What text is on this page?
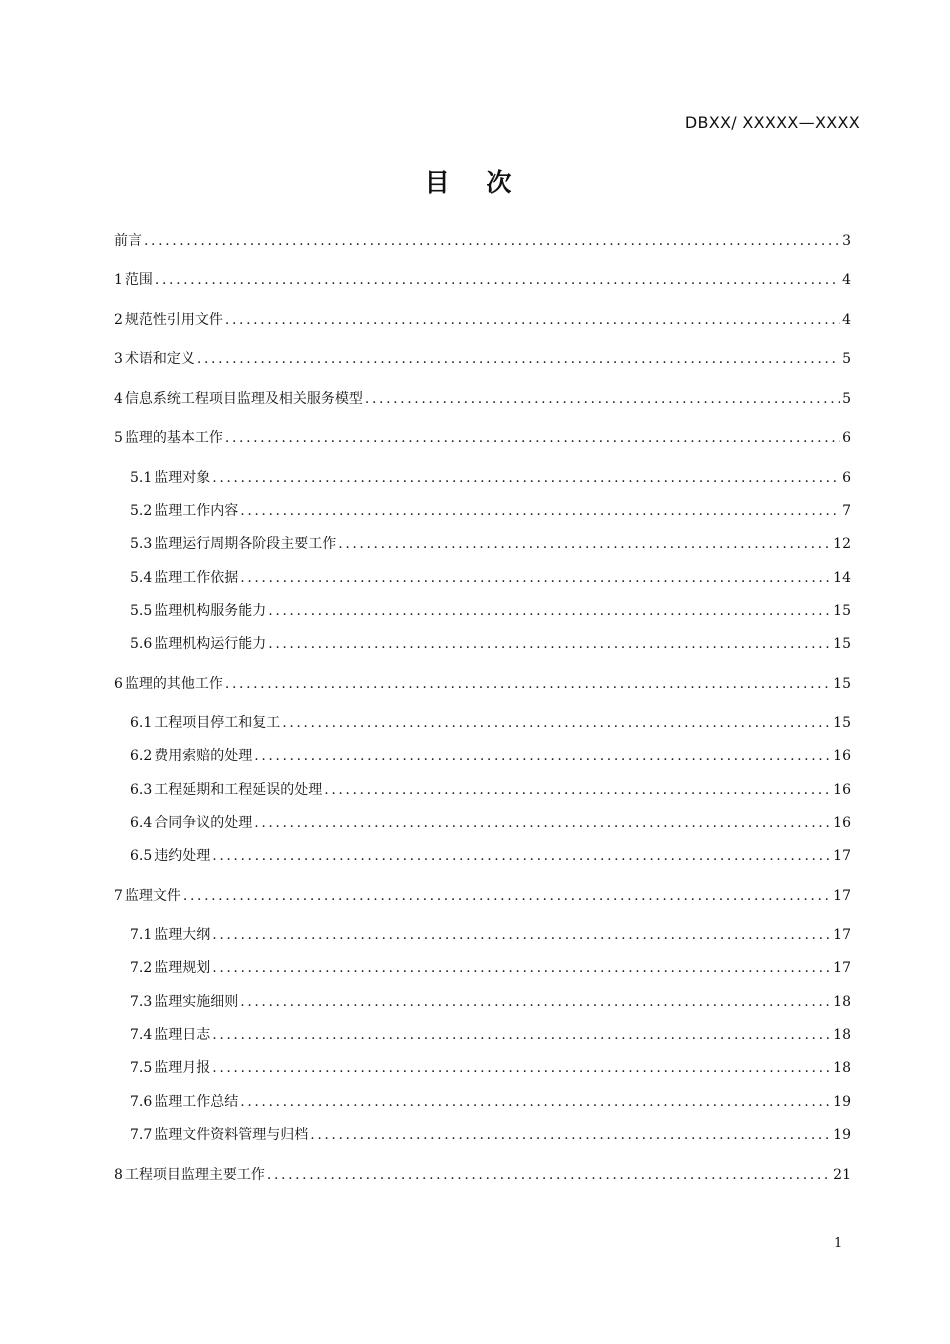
DBXX/ XXXXX—XXXX
目 次
前言 .....	3
1 范围 .....	4
2 规范性引用文件 .....	4
3 术语和定义 .....	5
4 信息系统工程项目监理及相关服务模型 .....	5
5 监理的基本工作 .....	6
5.1 监理对象 .....	6
5.2 监理工作内容 .....	7
5.3 监理运行周期各阶段主要工作 .....	12
5.4 监理工作依据 .....	14
5.5 监理机构服务能力 .....	15
5.6 监理机构运行能力 .....	15
6 监理的其他工作 .....	15
6.1 工程项目停工和复工 .....	15
6.2 费用索赔的处理 .....	16
6.3 工程延期和工程延误的处理 .....	16
6.4 合同争议的处理 .....	16
6.5 违约处理 .....	17
7 监理文件 .....	17
7.1 监理大纲 .....	17
7.2 监理规划 .....	17
7.3 监理实施细则 .....	18
7.4 监理日志 .....	18
7.5 监理月报 .....	18
7.6 监理工作总结 .....	19
7.7 监理文件资料管理与归档 .....	19
8 工程项目监理主要工作 .....	21
1
